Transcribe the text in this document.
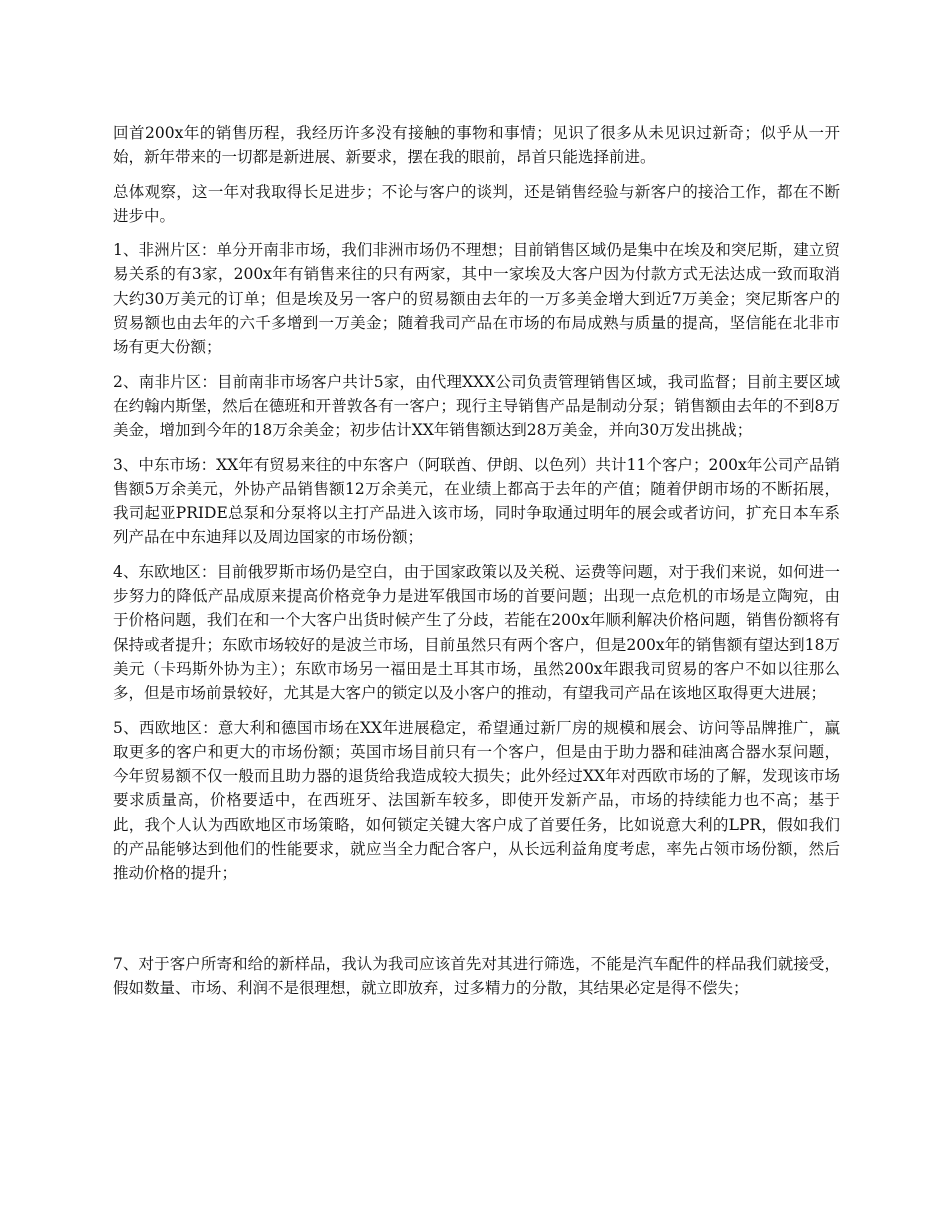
回首200x年的销售历程，我经历许多没有接触的事物和事情；见识了很多从未见识过新奇；似乎从一开始，新年带来的一切都是新进展、新要求，摆在我的眼前，昂首只能选择前进。

总体观察，这一年对我取得长足进步；不论与客户的谈判，还是销售经验与新客户的接洽工作，都在不断进步中。

1、非洲片区：单分开南非市场，我们非洲市场仍不理想；目前销售区域仍是集中在埃及和突尼斯，建立贸易关系的有3家，200x年有销售来往的只有两家，其中一家埃及大客户因为付款方式无法达成一致而取消大约30万美元的订单；但是埃及另一客户的贸易额由去年的一万多美金增大到近7万美金；突尼斯客户的贸易额也由去年的六千多增到一万美金；随着我司产品在市场的布局成熟与质量的提高，坚信能在北非市场有更大份额；

2、南非片区：目前南非市场客户共计5家，由代理XXX公司负责管理销售区域，我司监督；目前主要区域在约翰内斯堡，然后在德班和开普敦各有一客户；现行主导销售产品是制动分泵；销售额由去年的不到8万美金，增加到今年的18万余美金；初步估计XX年销售额达到28万美金，并向30万发出挑战；

3、中东市场：XX年有贸易来往的中东客户（阿联酋、伊朗、以色列）共计11个客户；200x年公司产品销售额5万余美元，外协产品销售额12万余美元，在业绩上都高于去年的产值；随着伊朗市场的不断拓展，我司起亚PRIDE总泵和分泵将以主打产品进入该市场，同时争取通过明年的展会或者访问，扩充日本车系列产品在中东迪拜以及周边国家的市场份额；

4、东欧地区：目前俄罗斯市场仍是空白，由于国家政策以及关税、运费等问题，对于我们来说，如何进一步努力的降低产品成原来提高价格竞争力是进军俄国市场的首要问题；出现一点危机的市场是立陶宛，由于价格问题，我们在和一个大客户出货时候产生了分歧，若能在200x年顺利解决价格问题，销售份额将有保持或者提升；东欧市场较好的是波兰市场，目前虽然只有两个客户，但是200x年的销售额有望达到18万美元（卡玛斯外协为主）；东欧市场另一福田是土耳其市场，虽然200x年跟我司贸易的客户不如以往那么多，但是市场前景较好，尤其是大客户的锁定以及小客户的推动，有望我司产品在该地区取得更大进展；

5、西欧地区：意大利和德国市场在XX年进展稳定，希望通过新厂房的规模和展会、访问等品牌推广，赢取更多的客户和更大的市场份额；英国市场目前只有一个客户，但是由于助力器和硅油离合器水泵问题，今年贸易额不仅一般而且助力器的退货给我造成较大损失；此外经过XX年对西欧市场的了解，发现该市场要求质量高，价格要适中，在西班牙、法国新车较多，即使开发新产品，市场的持续能力也不高；基于此，我个人认为西欧地区市场策略，如何锁定关键大客户成了首要任务，比如说意大利的LPR，假如我们的产品能够达到他们的性能要求，就应当全力配合客户，从长远利益角度考虑，率先占领市场份额，然后推动价格的提升；

7、对于客户所寄和给的新样品，我认为我司应该首先对其进行筛选，不能是汽车配件的样品我们就接受，假如数量、市场、利润不是很理想，就立即放弃，过多精力的分散，其结果必定是得不偿失；
